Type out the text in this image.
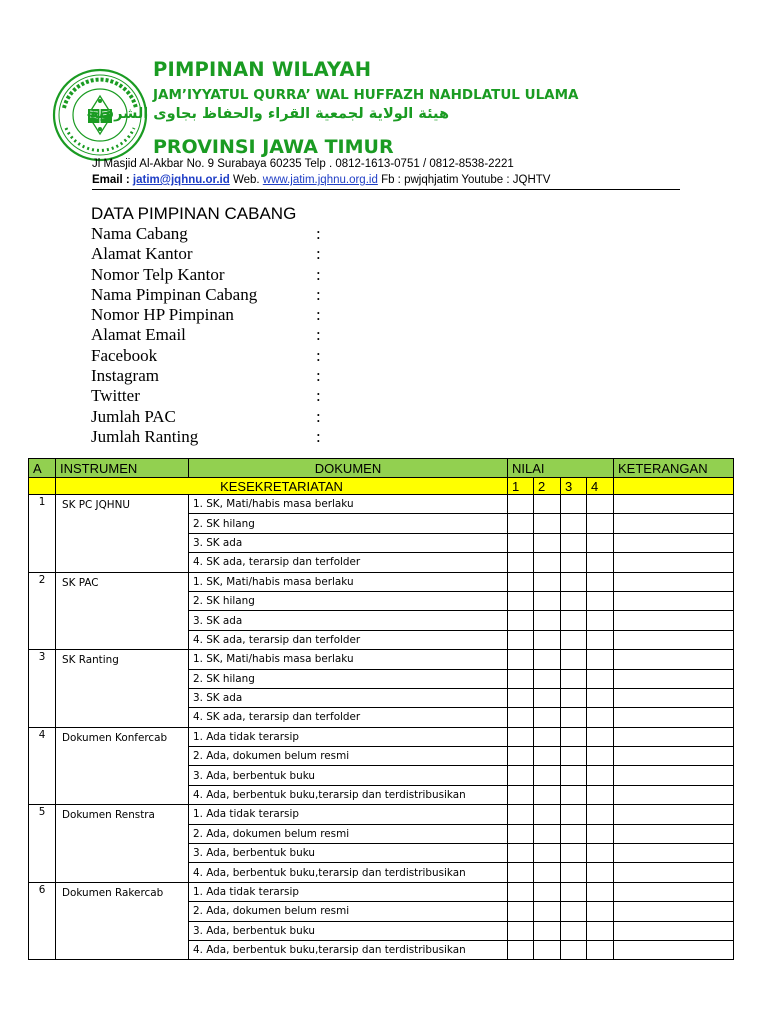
PIMPINAN WILAYAH

JAM’IYYATUL QURRA’ WAL HUFFAZH NAHDLATUL ULAMA

هيئة الولاية لجمعية القراء والحفاظ بجاوى الشرقية

PROVINSI JAWA TIMUR

Jl Masjid Al-Akbar No. 9 Surabaya 60235 Telp . 0812-1613-0751 / 0812-8538-2221
Email : jatim@jqhnu.or.id Web. www.jatim.jqhnu.org.id Fb : pwjqhjatim Youtube : JQHTV
DATA PIMPINAN CABANG
Nama Cabang	:
Alamat Kantor	:
Nomor Telp Kantor	:
Nama Pimpinan Cabang	:
Nomor HP Pimpinan	:
Alamat Email	:
Facebook	:
Instagram	:
Twitter	:
Jumlah PAC	:
Jumlah Ranting	:
A	INSTRUMEN	DOKUMEN	NILAI				KETERANGAN
	KESEKRETARIATAN		1	2	3	4	
1	SK PC JQHNU	1. SK, Mati/habis masa berlaku					
		2. SK hilang					
		3. SK ada					
		4. SK ada, terarsip dan terfolder					
2	SK PAC	1. SK, Mati/habis masa berlaku					
		2. SK hilang					
		3. SK ada					
		4. SK ada, terarsip dan terfolder					
3	SK Ranting	1. SK, Mati/habis masa berlaku					
		2. SK hilang					
		3. SK ada					
		4. SK ada, terarsip dan terfolder					
4	Dokumen Konfercab	1. Ada tidak terarsip					
		2. Ada, dokumen belum resmi					
		3. Ada, berbentuk buku					
		4. Ada, berbentuk buku,terarsip dan terdistribusikan					
5	Dokumen Renstra	1. Ada tidak terarsip					
		2. Ada, dokumen belum resmi					
		3. Ada, berbentuk buku					
		4. Ada, berbentuk buku,terarsip dan terdistribusikan					
6	Dokumen Rakercab	1. Ada tidak terarsip					
		2. Ada, dokumen belum resmi					
		3. Ada, berbentuk buku					
		4. Ada, berbentuk buku,terarsip dan terdistribusikan					
